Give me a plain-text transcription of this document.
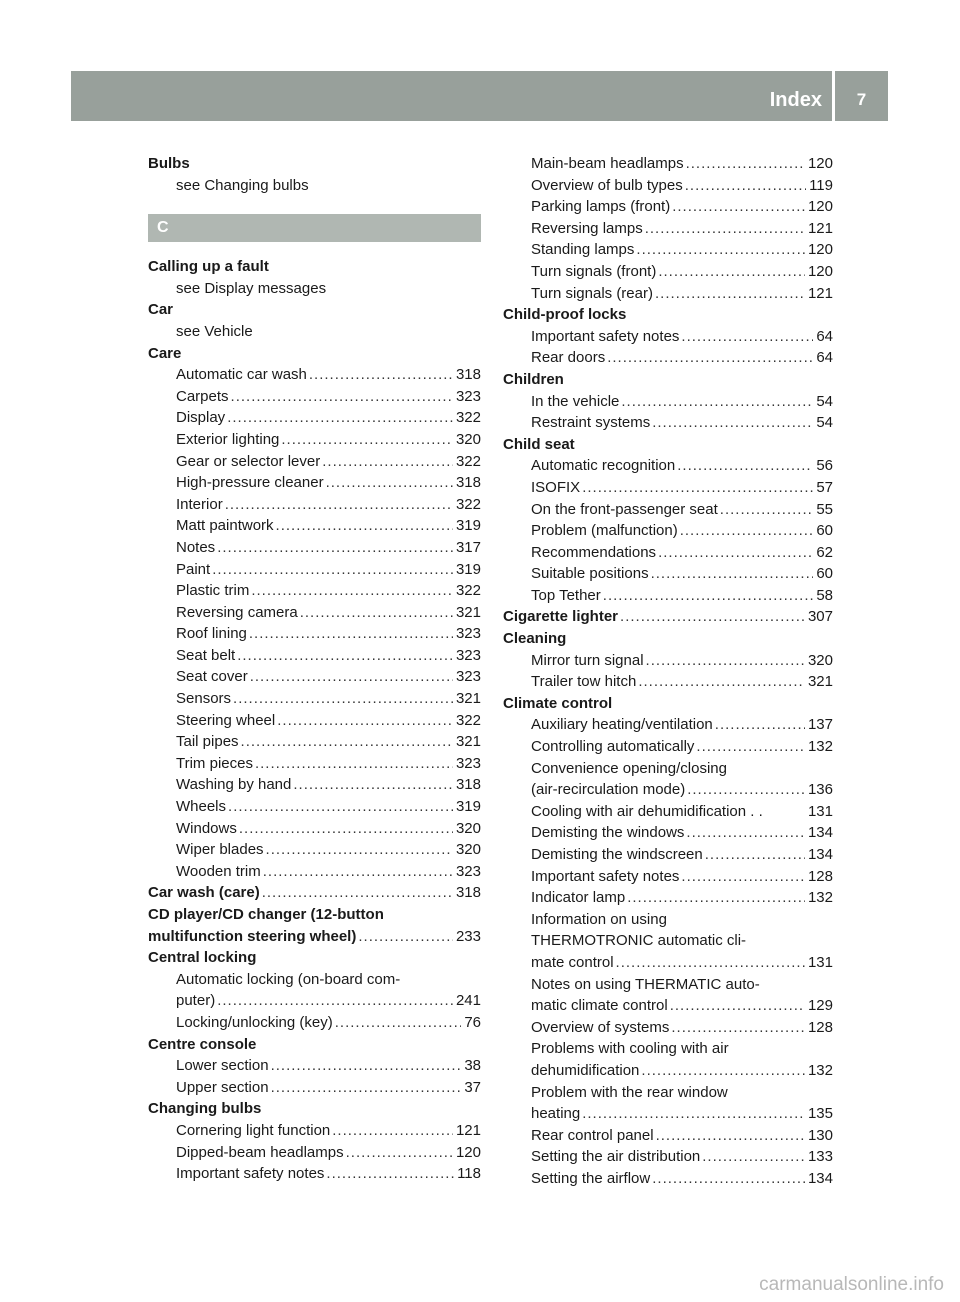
Index	7
Bulbs
see Changing bulbs
C
Calling up a fault
see Display messages
Car
see Vehicle
Care
Automatic car wash .....	318
Carpets .....	323
Display .....	322
Exterior lighting .....	320
Gear or selector lever .....	322
High-pressure cleaner .....	318
Interior .....	322
Matt paintwork .....	319
Notes .....	317
Paint .....	319
Plastic trim .....	322
Reversing camera .....	321
Roof lining .....	323
Seat belt .....	323
Seat cover .....	323
Sensors .....	321
Steering wheel .....	322
Tail pipes .....	321
Trim pieces .....	323
Washing by hand .....	318
Wheels .....	319
Windows .....	320
Wiper blades .....	320
Wooden trim .....	323
Car wash (care) .....	318
CD player/CD changer (12-button
multifunction steering wheel) .....	233
Central locking
Automatic locking (on-board com-
puter) .....	241
Locking/unlocking (key) .....	76
Centre console
Lower section .....	38
Upper section .....	37
Changing bulbs
Cornering light function .....	121
Dipped-beam headlamps .....	120
Important safety notes .....	118
Main-beam headlamps .....	120
Overview of bulb types .....	119
Parking lamps (front) .....	120
Reversing lamps .....	121
Standing lamps .....	120
Turn signals (front) .....	120
Turn signals (rear) .....	121
Child-proof locks
Important safety notes .....	64
Rear doors .....	64
Children
In the vehicle .....	54
Restraint systems .....	54
Child seat
Automatic recognition .....	56
ISOFIX .....	57
On the front-passenger seat .....	55
Problem (malfunction) .....	60
Recommendations .....	62
Suitable positions .....	60
Top Tether .....	58
Cigarette lighter .....	307
Cleaning
Mirror turn signal .....	320
Trailer tow hitch .....	321
Climate control
Auxiliary heating/ventilation .....	137
Controlling automatically .....	132
Convenience opening/closing
(air-recirculation mode) .....	136
Cooling with air dehumidification . .	131
Demisting the windows .....	134
Demisting the windscreen .....	134
Important safety notes .....	128
Indicator lamp .....	132
Information on using
THERMOTRONIC automatic cli-
mate control .....	131
Notes on using THERMATIC auto-
matic climate control .....	129
Overview of systems .....	128
Problems with cooling with air
dehumidification .....	132
Problem with the rear window
heating .....	135
Rear control panel .....	130
Setting the air distribution .....	133
Setting the airflow .....	134
carmanualsonline.info
